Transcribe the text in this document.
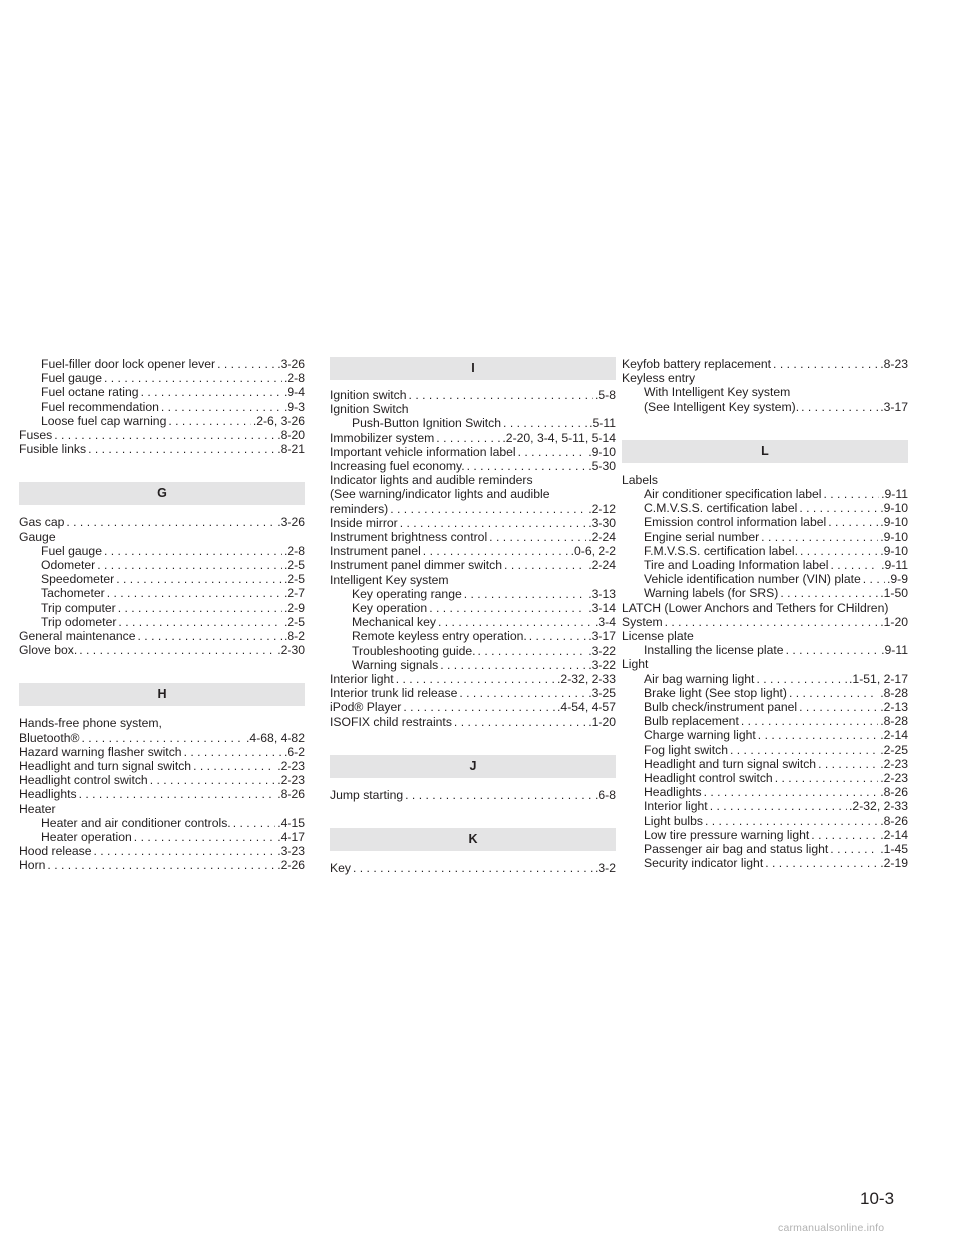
Fuel-filler door lock opener lever . . .	.3-26
Fuel gauge . . .	.2-8
Fuel octane rating . . .	.9-4
Fuel recommendation . . .	.9-3
Loose fuel cap warning . . .	.2-6, 3-26
Fuses . . .	.8-20
Fusible links . . .	.8-21
G
Gas cap . . .	.3-26
Gauge
Fuel gauge . . .	.2-8
Odometer . . .	.2-5
Speedometer . . .	.2-5
Tachometer . . .	.2-7
Trip computer . . .	.2-9
Trip odometer . . .	.2-5
General maintenance . . .	.8-2
Glove box. . . .	.2-30
H
Hands-free phone system,
Bluetooth® . . .	.4-68, 4-82
Hazard warning flasher switch . . .	.6-2
Headlight and turn signal switch . . .	.2-23
Headlight control switch . . .	.2-23
Headlights . . .	.8-26
Heater
Heater and air conditioner controls. . . .	.4-15
Heater operation . . .	.4-17
Hood release . . .	.3-23
Horn . . .	.2-26
I
Ignition switch . . .	.5-8
Ignition Switch
Push-Button Ignition Switch . . .	.5-11
Immobilizer system . . .	.2-20, 3-4, 5-11, 5-14
Important vehicle information label . . .	.9-10
Increasing fuel economy. . . .	.5-30
Indicator lights and audible reminders
(See warning/indicator lights and audible
reminders) . . .	.2-12
Inside mirror . . .	.3-30
Instrument brightness control . . .	.2-24
Instrument panel . . .	.0-6, 2-2
Instrument panel dimmer switch . . .	.2-24
Intelligent Key system
Key operating range . . .	.3-13
Key operation . . .	.3-14
Mechanical key . . .	.3-4
Remote keyless entry operation. . . .	.3-17
Troubleshooting guide. . . .	.3-22
Warning signals . . .	.3-22
Interior light . . .	.2-32, 2-33
Interior trunk lid release . . .	.3-25
iPod® Player . . .	.4-54, 4-57
ISOFIX child restraints . . .	.1-20
J
Jump starting . . .	.6-8
K
Key . . .	.3-2
Keyfob battery replacement . . .	.8-23
Keyless entry
With Intelligent Key system
(See Intelligent Key system). . . .	.3-17
L
Labels
Air conditioner specification label . . .	.9-11
C.M.V.S.S. certification label . . .	.9-10
Emission control information label . . .	.9-10
Engine serial number . . .	.9-10
F.M.V.S.S. certification label. . . .	.9-10
Tire and Loading Information label . . .	.9-11
Vehicle identification number (VIN) plate . . . .9-9
Warning labels (for SRS) . . .	.1-50
LATCH (Lower Anchors and Tethers for CHildren)
System . . .	.1-20
License plate
Installing the license plate . . .	.9-11
Light
Air bag warning light . . .	.1-51, 2-17
Brake light (See stop light) . . .	.8-28
Bulb check/instrument panel . . .	.2-13
Bulb replacement . . .	.8-28
Charge warning light . . .	.2-14
Fog light switch . . .	.2-25
Headlight and turn signal switch . . .	.2-23
Headlight control switch . . .	.2-23
Headlights . . .	.8-26
Interior light . . .	.2-32, 2-33
Light bulbs . . .	.8-26
Low tire pressure warning light . . .	.2-14
Passenger air bag and status light . . .	.1-45
Security indicator light . . .	.2-19
10-3
carmanualsonline.info
